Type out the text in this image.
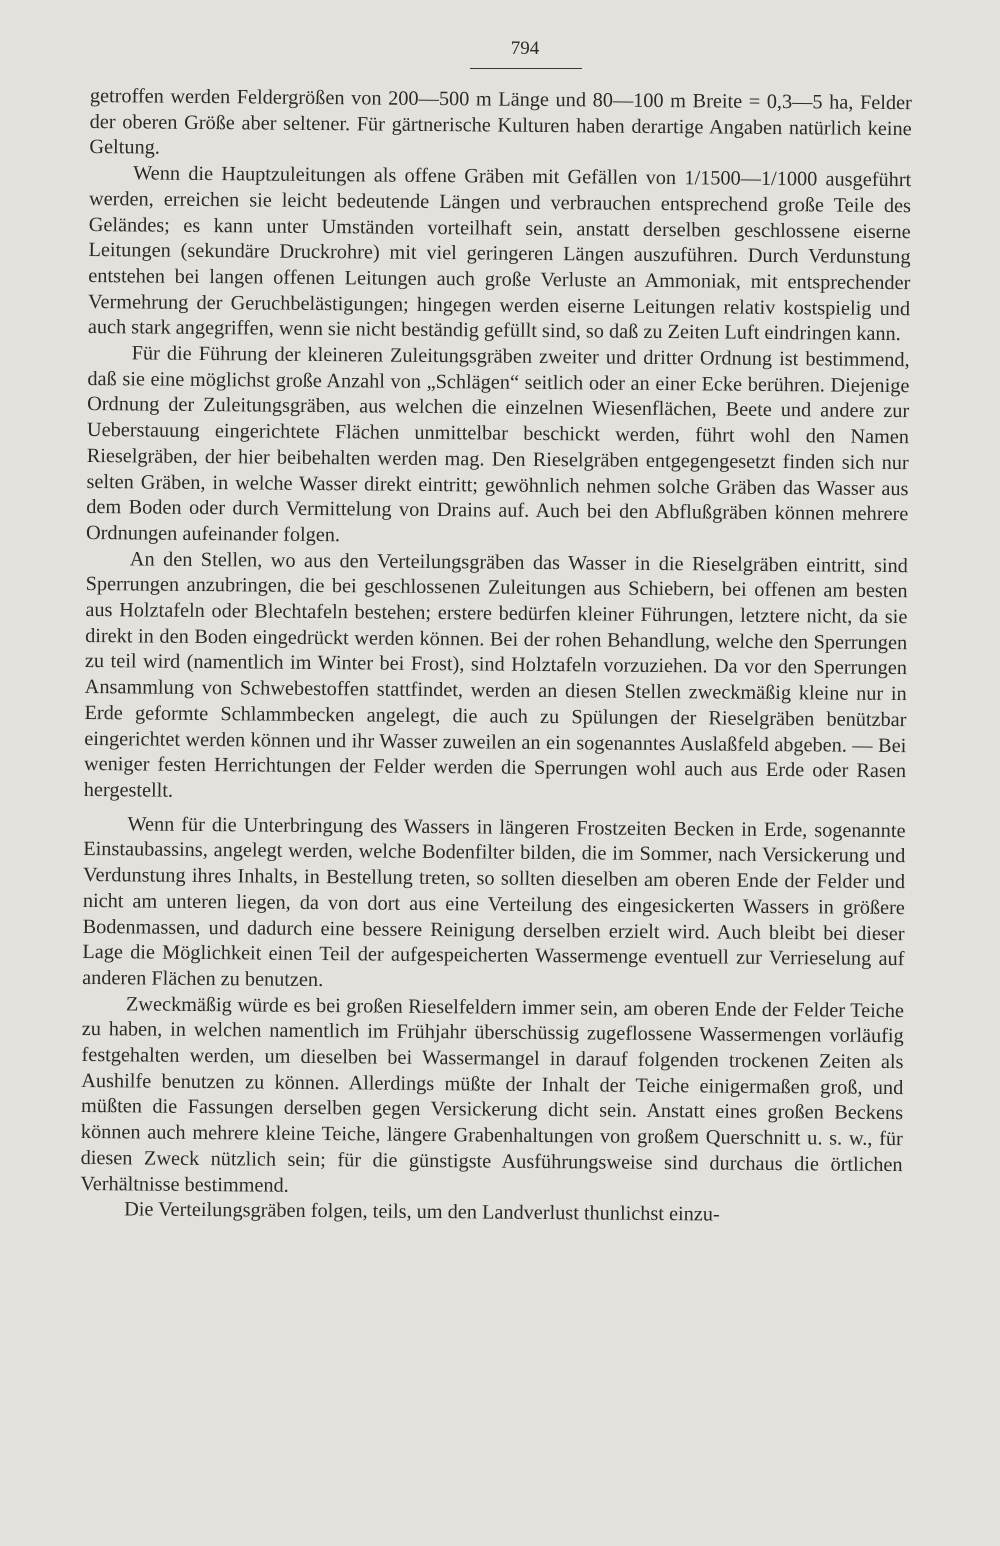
794

getroffen werden Feldergrößen von 200—500 m Länge und 80—100 m Breite = 0,3—5 ha, Felder der oberen Größe aber seltener. Für gärtnerische Kulturen haben derartige Angaben natürlich keine Geltung.

Wenn die Hauptzuleitungen als offene Gräben mit Gefällen von 1/1500—1/1000 ausgeführt werden, erreichen sie leicht bedeutende Längen und verbrauchen entsprechend große Teile des Geländes; es kann unter Umständen vorteilhaft sein, anstatt derselben geschlossene eiserne Leitungen (sekundäre Druckrohre) mit viel geringeren Längen auszuführen. Durch Verdunstung entstehen bei langen offenen Leitungen auch große Verluste an Ammoniak, mit entsprechender Vermehrung der Geruchbelästigungen; hingegen werden eiserne Leitungen relativ kostspielig und auch stark angegriffen, wenn sie nicht beständig gefüllt sind, so daß zu Zeiten Luft eindringen kann.

Für die Führung der kleineren Zuleitungsgräben zweiter und dritter Ordnung ist bestimmend, daß sie eine möglichst große Anzahl von „Schlägen“ seitlich oder an einer Ecke berühren. Diejenige Ordnung der Zuleitungsgräben, aus welchen die einzelnen Wiesenflächen, Beete und andere zur Ueberstauung eingerichtete Flächen unmittelbar beschickt werden, führt wohl den Namen Rieselgräben, der hier beibehalten werden mag. Den Rieselgräben entgegengesetzt finden sich nur selten Gräben, in welche Wasser direkt eintritt; gewöhnlich nehmen solche Gräben das Wasser aus dem Boden oder durch Vermittelung von Drains auf. Auch bei den Abflußgräben können mehrere Ordnungen aufeinander folgen.

An den Stellen, wo aus den Verteilungsgräben das Wasser in die Rieselgräben eintritt, sind Sperrungen anzubringen, die bei geschlossenen Zuleitungen aus Schiebern, bei offenen am besten aus Holztafeln oder Blechtafeln bestehen; erstere bedürfen kleiner Führungen, letztere nicht, da sie direkt in den Boden eingedrückt werden können. Bei der rohen Behandlung, welche den Sperrungen zu teil wird (namentlich im Winter bei Frost), sind Holztafeln vorzuziehen. Da vor den Sperrungen Ansammlung von Schwebestoffen stattfindet, werden an diesen Stellen zweckmäßig kleine nur in Erde geformte Schlammbecken angelegt, die auch zu Spülungen der Rieselgräben benützbar eingerichtet werden können und ihr Wasser zuweilen an ein sogenanntes Auslaßfeld abgeben. — Bei weniger festen Herrichtungen der Felder werden die Sperrungen wohl auch aus Erde oder Rasen hergestellt.

Wenn für die Unterbringung des Wassers in längeren Frostzeiten Becken in Erde, sogenannte Einstaubassins, angelegt werden, welche Bodenfilter bilden, die im Sommer, nach Versickerung und Verdunstung ihres Inhalts, in Bestellung treten, so sollten dieselben am oberen Ende der Felder und nicht am unteren liegen, da von dort aus eine Verteilung des eingesickerten Wassers in größere Bodenmassen, und dadurch eine bessere Reinigung derselben erzielt wird. Auch bleibt bei dieser Lage die Möglichkeit einen Teil der aufgespeicherten Wassermenge eventuell zur Verrieselung auf anderen Flächen zu benutzen.

Zweckmäßig würde es bei großen Rieselfeldern immer sein, am oberen Ende der Felder Teiche zu haben, in welchen namentlich im Frühjahr überschüssig zugeflossene Wassermengen vorläufig festgehalten werden, um dieselben bei Wassermangel in darauf folgenden trockenen Zeiten als Aushilfe benutzen zu können. Allerdings müßte der Inhalt der Teiche einigermaßen groß, und müßten die Fassungen derselben gegen Versickerung dicht sein. Anstatt eines großen Beckens können auch mehrere kleine Teiche, längere Grabenhaltungen von großem Querschnitt u. s. w., für diesen Zweck nützlich sein; für die günstigste Ausführungsweise sind durchaus die örtlichen Verhältnisse bestimmend.

Die Verteilungsgräben folgen, teils, um den Landverlust thunlichst einzu-
